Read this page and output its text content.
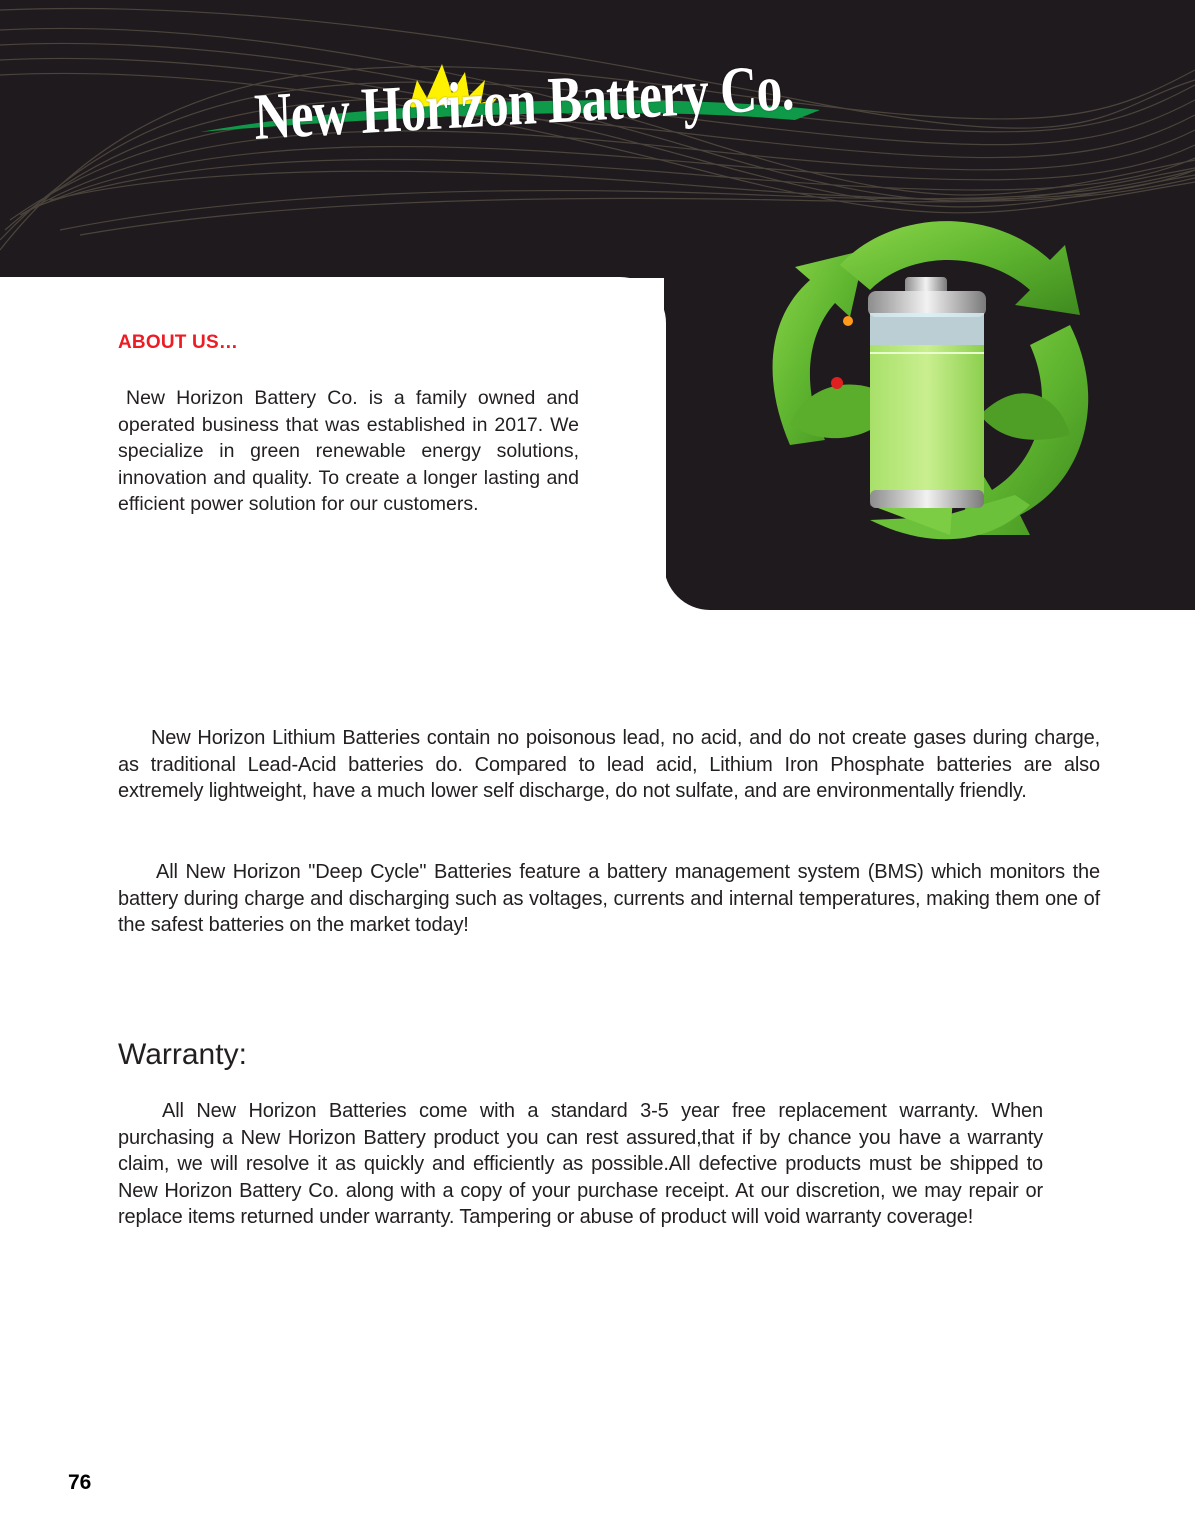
New Horizon Battery Co.
ABOUT US…

New Horizon Battery Co. is a family owned and operated business that was established in 2017. We specialize in green renewable energy solutions, innovation and quality. To create a longer lasting and efficient power solution for our customers.

New Horizon Lithium Batteries contain no poisonous lead, no acid, and do not create gases during charge, as traditional Lead-Acid batteries do. Compared to lead acid, Lithium Iron Phosphate batteries are also extremely lightweight, have a much lower self discharge, do not sulfate, and are environmentally friendly.

All New Horizon "Deep Cycle" Batteries feature a battery management system (BMS) which monitors the battery during charge and discharging such as voltages, currents and internal temperatures, making them one of the safest batteries on the market today!

Warranty:

All New Horizon Batteries come with a standard 3-5 year free replacement warranty. When purchasing a New Horizon Battery product you can rest assured,that if by chance you have a warranty claim, we will resolve it as quickly and efficiently as possible.All defective products must be shipped to New Horizon Battery Co. along with a copy of your purchase receipt. At our discretion, we may repair or replace items returned under warranty. Tampering or abuse of product will void warranty coverage!

76
